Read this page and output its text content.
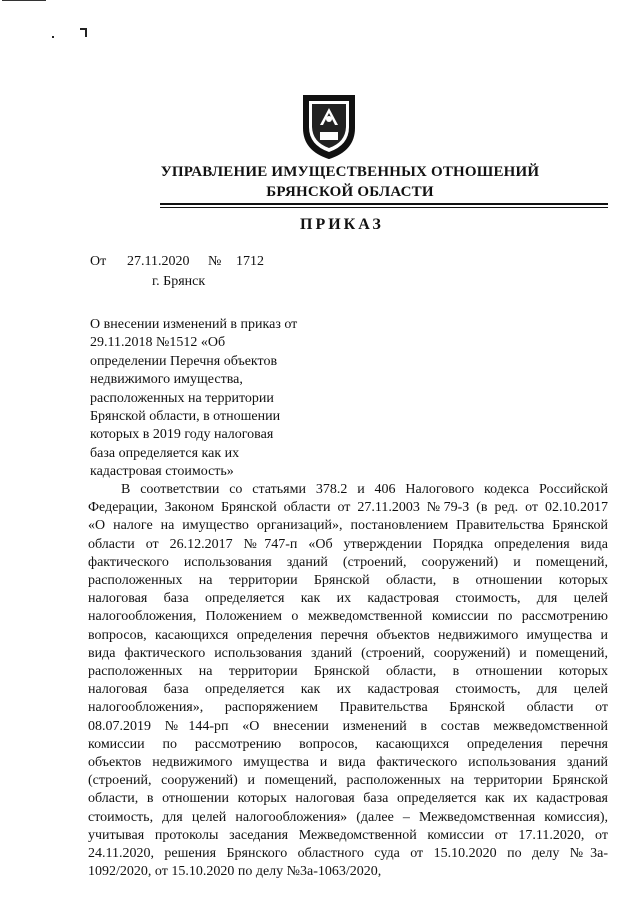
УПРАВЛЕНИЕ ИМУЩЕСТВЕННЫХ ОТНОШЕНИЙ
БРЯНСКОЙ ОБЛАСТИ
ПРИКАЗ
От 27.11.2020 № 1712
г. Брянск
О внесении изменений в приказ от
29.11.2018 №1512 «Об
определении Перечня объектов
недвижимого имущества,
расположенных на территории
Брянской области, в отношении
которых в 2019 году налоговая
база определяется как их
кадастровая стоимость»
В соответствии со статьями 378.2 и 406 Налогового кодекса Российской
Федерации, Законом Брянской области от 27.11.2003 №79-З (в ред. от 02.10.2017
«О налоге на имущество организаций», постановлением Правительства Брянской
области от 26.12.2017 №747-п «Об утверждении Порядка определения вида
фактического использования зданий (строений, сооружений) и помещений,
расположенных на территории Брянской области, в отношении которых
налоговая база определяется как их кадастровая стоимость, для целей
налогообложения, Положением о межведомственной комиссии по рассмотрению
вопросов, касающихся определения перечня объектов недвижимого имущества и
вида фактического использования зданий (строений, сооружений) и помещений,
расположенных на территории Брянской области, в отношении которых
налоговая база определяется как их кадастровая стоимость, для целей
налогообложения», распоряжением Правительства Брянской области от
08.07.2019 №144-рп «О внесении изменений в состав межведомственной
комиссии по рассмотрению вопросов, касающихся определения перечня
объектов недвижимого имущества и вида фактического использования зданий
(строений, сооружений) и помещений, расположенных на территории Брянской
области, в отношении которых налоговая база определяется как их кадастровая
стоимость, для целей налогообложения» (далее – Межведомственная комиссия),
учитывая протоколы заседания Межведомственной комиссии от 17.11.2020, от
24.11.2020, решения Брянского областного суда от 15.10.2020 по делу №3а-
1092/2020, от 15.10.2020 по делу №3а-1063/2020,
